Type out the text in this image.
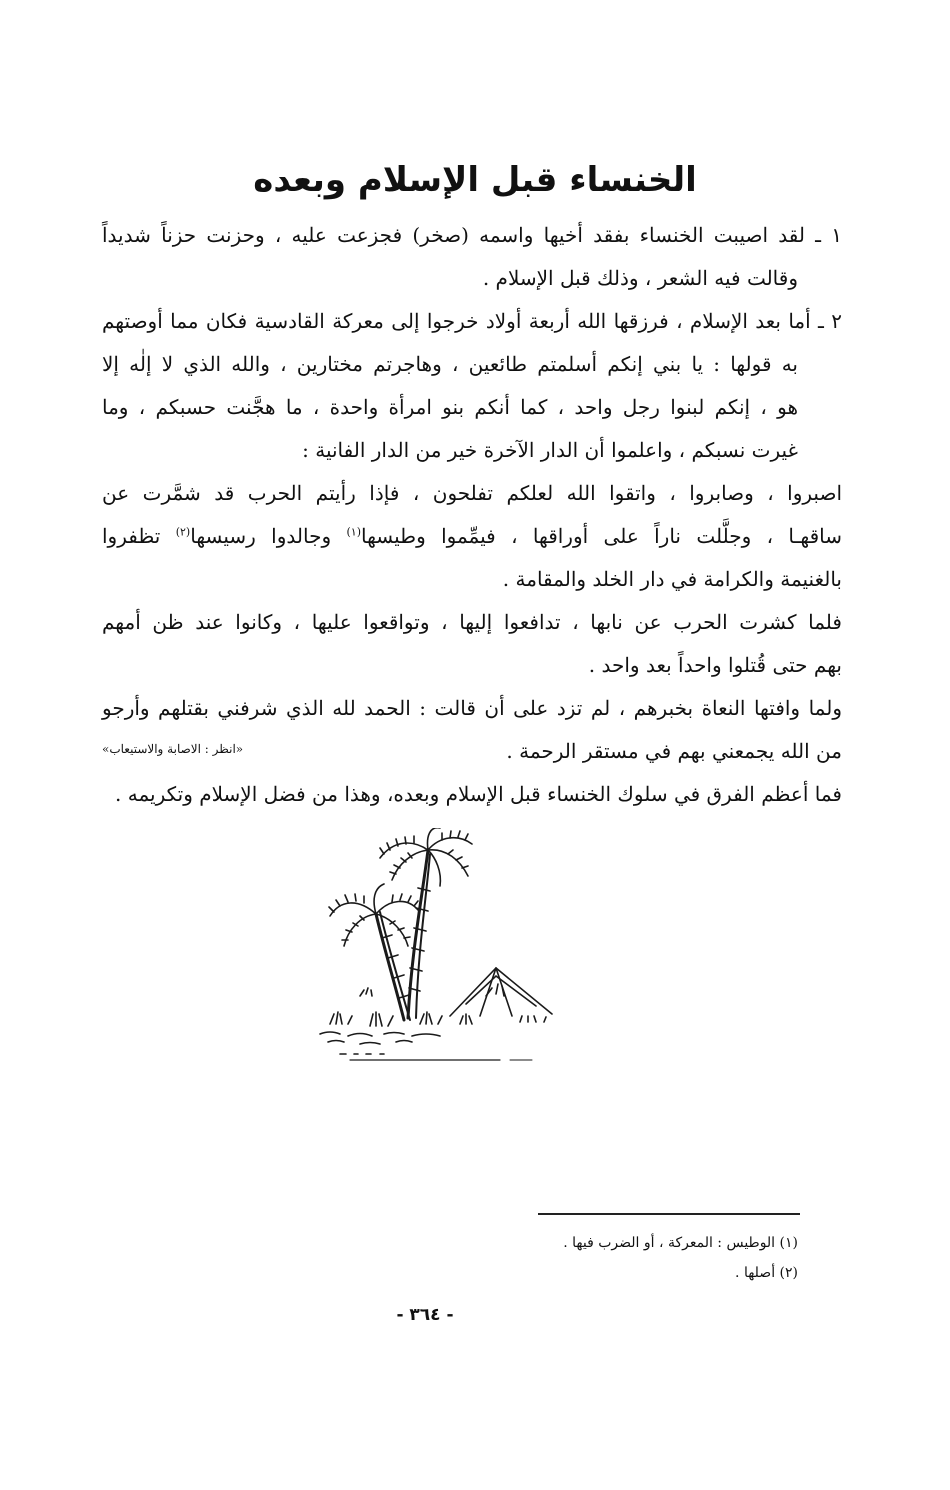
الخنساء قبل الإسلام وبعده
١ ـ لقد اصيبت الخنساء بفقد أخيها واسمه (صخر) فجزعت عليه ، وحزنت حزناً شديداً
وقالت فيه الشعر ، وذلك قبل الإسلام .
٢ ـ أما بعد الإسلام ، فرزقها الله أربعة أولاد خرجوا إلى معركة القادسية فكان مما أوصتهم
به قولها : يا بني إنكم أسلمتم طائعين ، وهاجرتم مختارين ، والله الذي لا إلٰه إلا
هو ، إنكم لبنوا رجل واحد ، كما أنكم بنو امرأة واحدة ، ما هجَّنت حسبكم ، وما
غيرت نسبكم ، واعلموا أن الدار الآخرة خير من الدار الفانية :
اصبروا ، وصابروا ، واتقوا الله لعلكم تفلحون ، فإذا رأيتم الحرب قد شمَّرت عن
ساقهـا ، وجلَّلت ناراً على أوراقها ، فيمِّموا وطيسها$^{(١)}$ وجالدوا رسيسها$^{(٢)}$ تظفروا
بالغنيمة والكرامة في دار الخلد والمقامة .
فلما كشرت الحرب عن نابها ، تدافعوا إليها ، وتواقعوا عليها ، وكانوا عند ظن أمهم
بهم حتى قُتلوا واحداً بعد واحد .
ولما وافتها النعاة بخبرهم ، لم تزد على أن قالت : الحمد لله الذي شرفني بقتلهم وأرجو
من الله يجمعني بهم في مستقر الرحمة .
«انظر : الاصابة والاستيعاب»
فما أعظم الفرق في سلوك الخنساء قبل الإسلام وبعده، وهذا من فضل الإسلام وتكريمه .
(١) الوطيس : المعركة ، أو الضرب فيها .
(٢) أصلها .
- ٣٦٤ -
